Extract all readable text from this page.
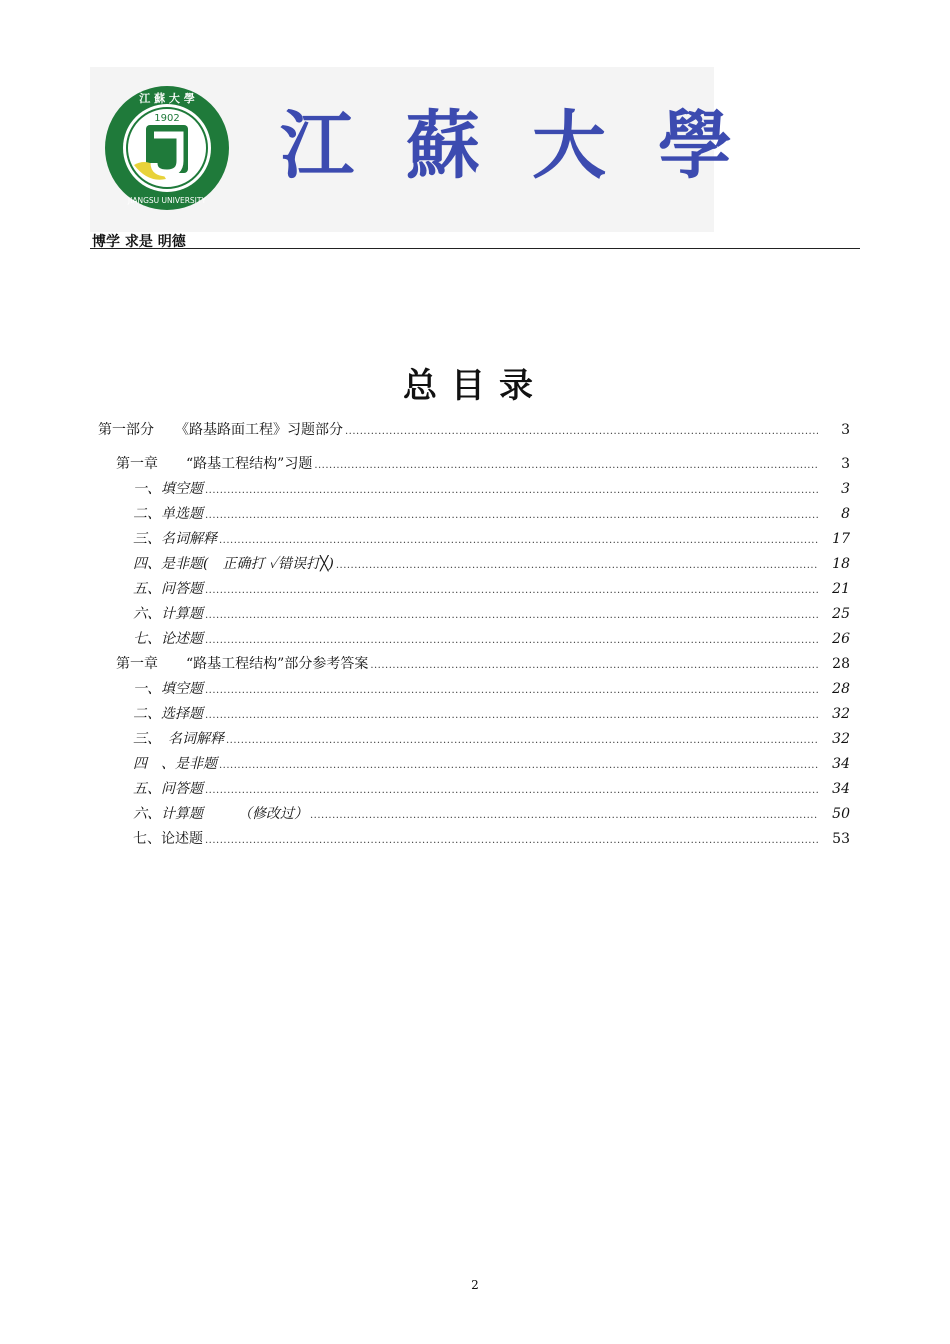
1902
江 蘇 大 學
JIANGSU UNIVERSITY
江蘇大學
博学 求是 明德
总目录
第一部分　　《路基路面工程》习题部分 .....	3
第一章　　“路基工程结构”习题 .....	3
一、填空题 .....	3
二、单选题 .....	8
三、名词解释 .....	17
四、是非题(　正确打 ✓错误打╳) .....	18
五、问答题 .....	21
六、计算题 .....	25
七、论述题 .....	26
第一章　　“路基工程结构”部分参考答案 .....	28
一、填空题 .....	28
二、选择题 .....	32
三、　名词解释 .....	32
四　、是非题 .....	34
五、问答题 .....	34
六、计算题　　　（修改过） .....	50
七、论述题 .....	53
2
